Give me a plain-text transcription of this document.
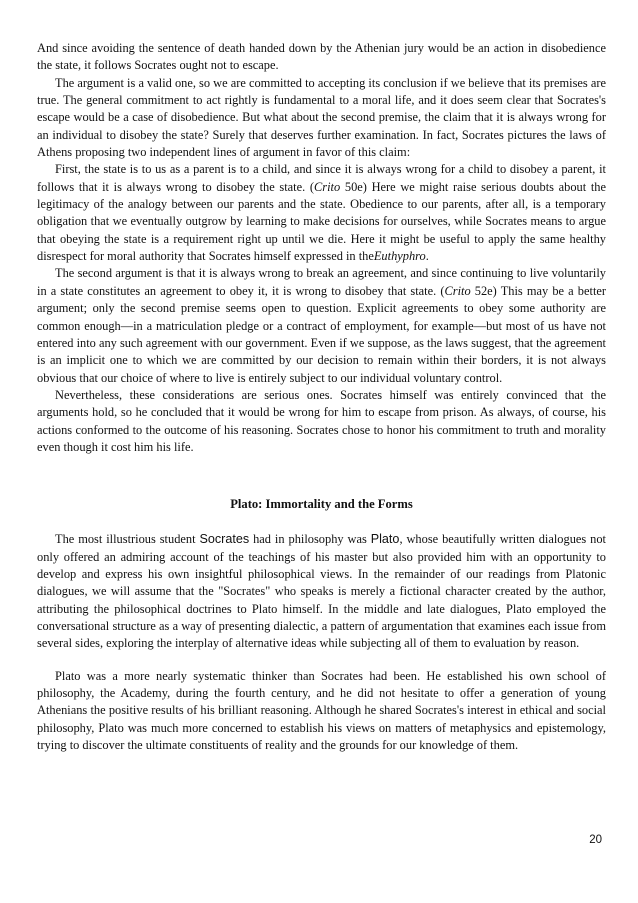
And since avoiding the sentence of death handed down by the Athenian jury would be an action in disobedience the state, it follows Socrates ought not to escape.

The argument is a valid one, so we are committed to accepting its conclusion if we believe that its premises are true. The general commitment to act rightly is fundamental to a moral life, and it does seem clear that Socrates's escape would be a case of disobedience. But what about the second premise, the claim that it is always wrong for an individual to disobey the state? Surely that deserves further examination. In fact, Socrates pictures the laws of Athens proposing two independent lines of argument in favor of this claim:

First, the state is to us as a parent is to a child, and since it is always wrong for a child to disobey a parent, it follows that it is always wrong to disobey the state. (Crito 50e) Here we might raise serious doubts about the legitimacy of the analogy between our parents and the state. Obedience to our parents, after all, is a temporary obligation that we eventually outgrow by learning to make decisions for ourselves, while Socrates means to argue that obeying the state is a requirement right up until we die. Here it might be useful to apply the same healthy disrespect for moral authority that Socrates himself expressed in theEuthyphro.

The second argument is that it is always wrong to break an agreement, and since continuing to live voluntarily in a state constitutes an agreement to obey it, it is wrong to disobey that state. (Crito 52e) This may be a better argument; only the second premise seems open to question. Explicit agreements to obey some authority are common enough—in a matriculation pledge or a contract of employment, for example—but most of us have not entered into any such agreement with our government. Even if we suppose, as the laws suggest, that the agreement is an implicit one to which we are committed by our decision to remain within their borders, it is not always obvious that our choice of where to live is entirely subject to our individual voluntary control.

Nevertheless, these considerations are serious ones. Socrates himself was entirely convinced that the arguments hold, so he concluded that it would be wrong for him to escape from prison. As always, of course, his actions conformed to the outcome of his reasoning. Socrates chose to honor his commitment to truth and morality even though it cost him his life.

Plato: Immortality and the Forms

The most illustrious student Socrates had in philosophy was Plato, whose beautifully written dialogues not only offered an admiring account of the teachings of his master but also provided him with an opportunity to develop and express his own insightful philosophical views. In the remainder of our readings from Platonic dialogues, we will assume that the "Socrates" who speaks is merely a fictional character created by the author, attributing the philosophical doctrines to Plato himself. In the middle and late dialogues, Plato employed the conversational structure as a way of presenting dialectic, a pattern of argumentation that examines each issue from several sides, exploring the interplay of alternative ideas while subjecting all of them to evaluation by reason.

Plato was a more nearly systematic thinker than Socrates had been. He established his own school of philosophy, the Academy, during the fourth century, and he did not hesitate to offer a generation of young Athenians the positive results of his brilliant reasoning. Although he shared Socrates's interest in ethical and social philosophy, Plato was much more concerned to establish his views on matters of metaphysics and epistemology, trying to discover the ultimate constituents of reality and the grounds for our knowledge of them.

20
